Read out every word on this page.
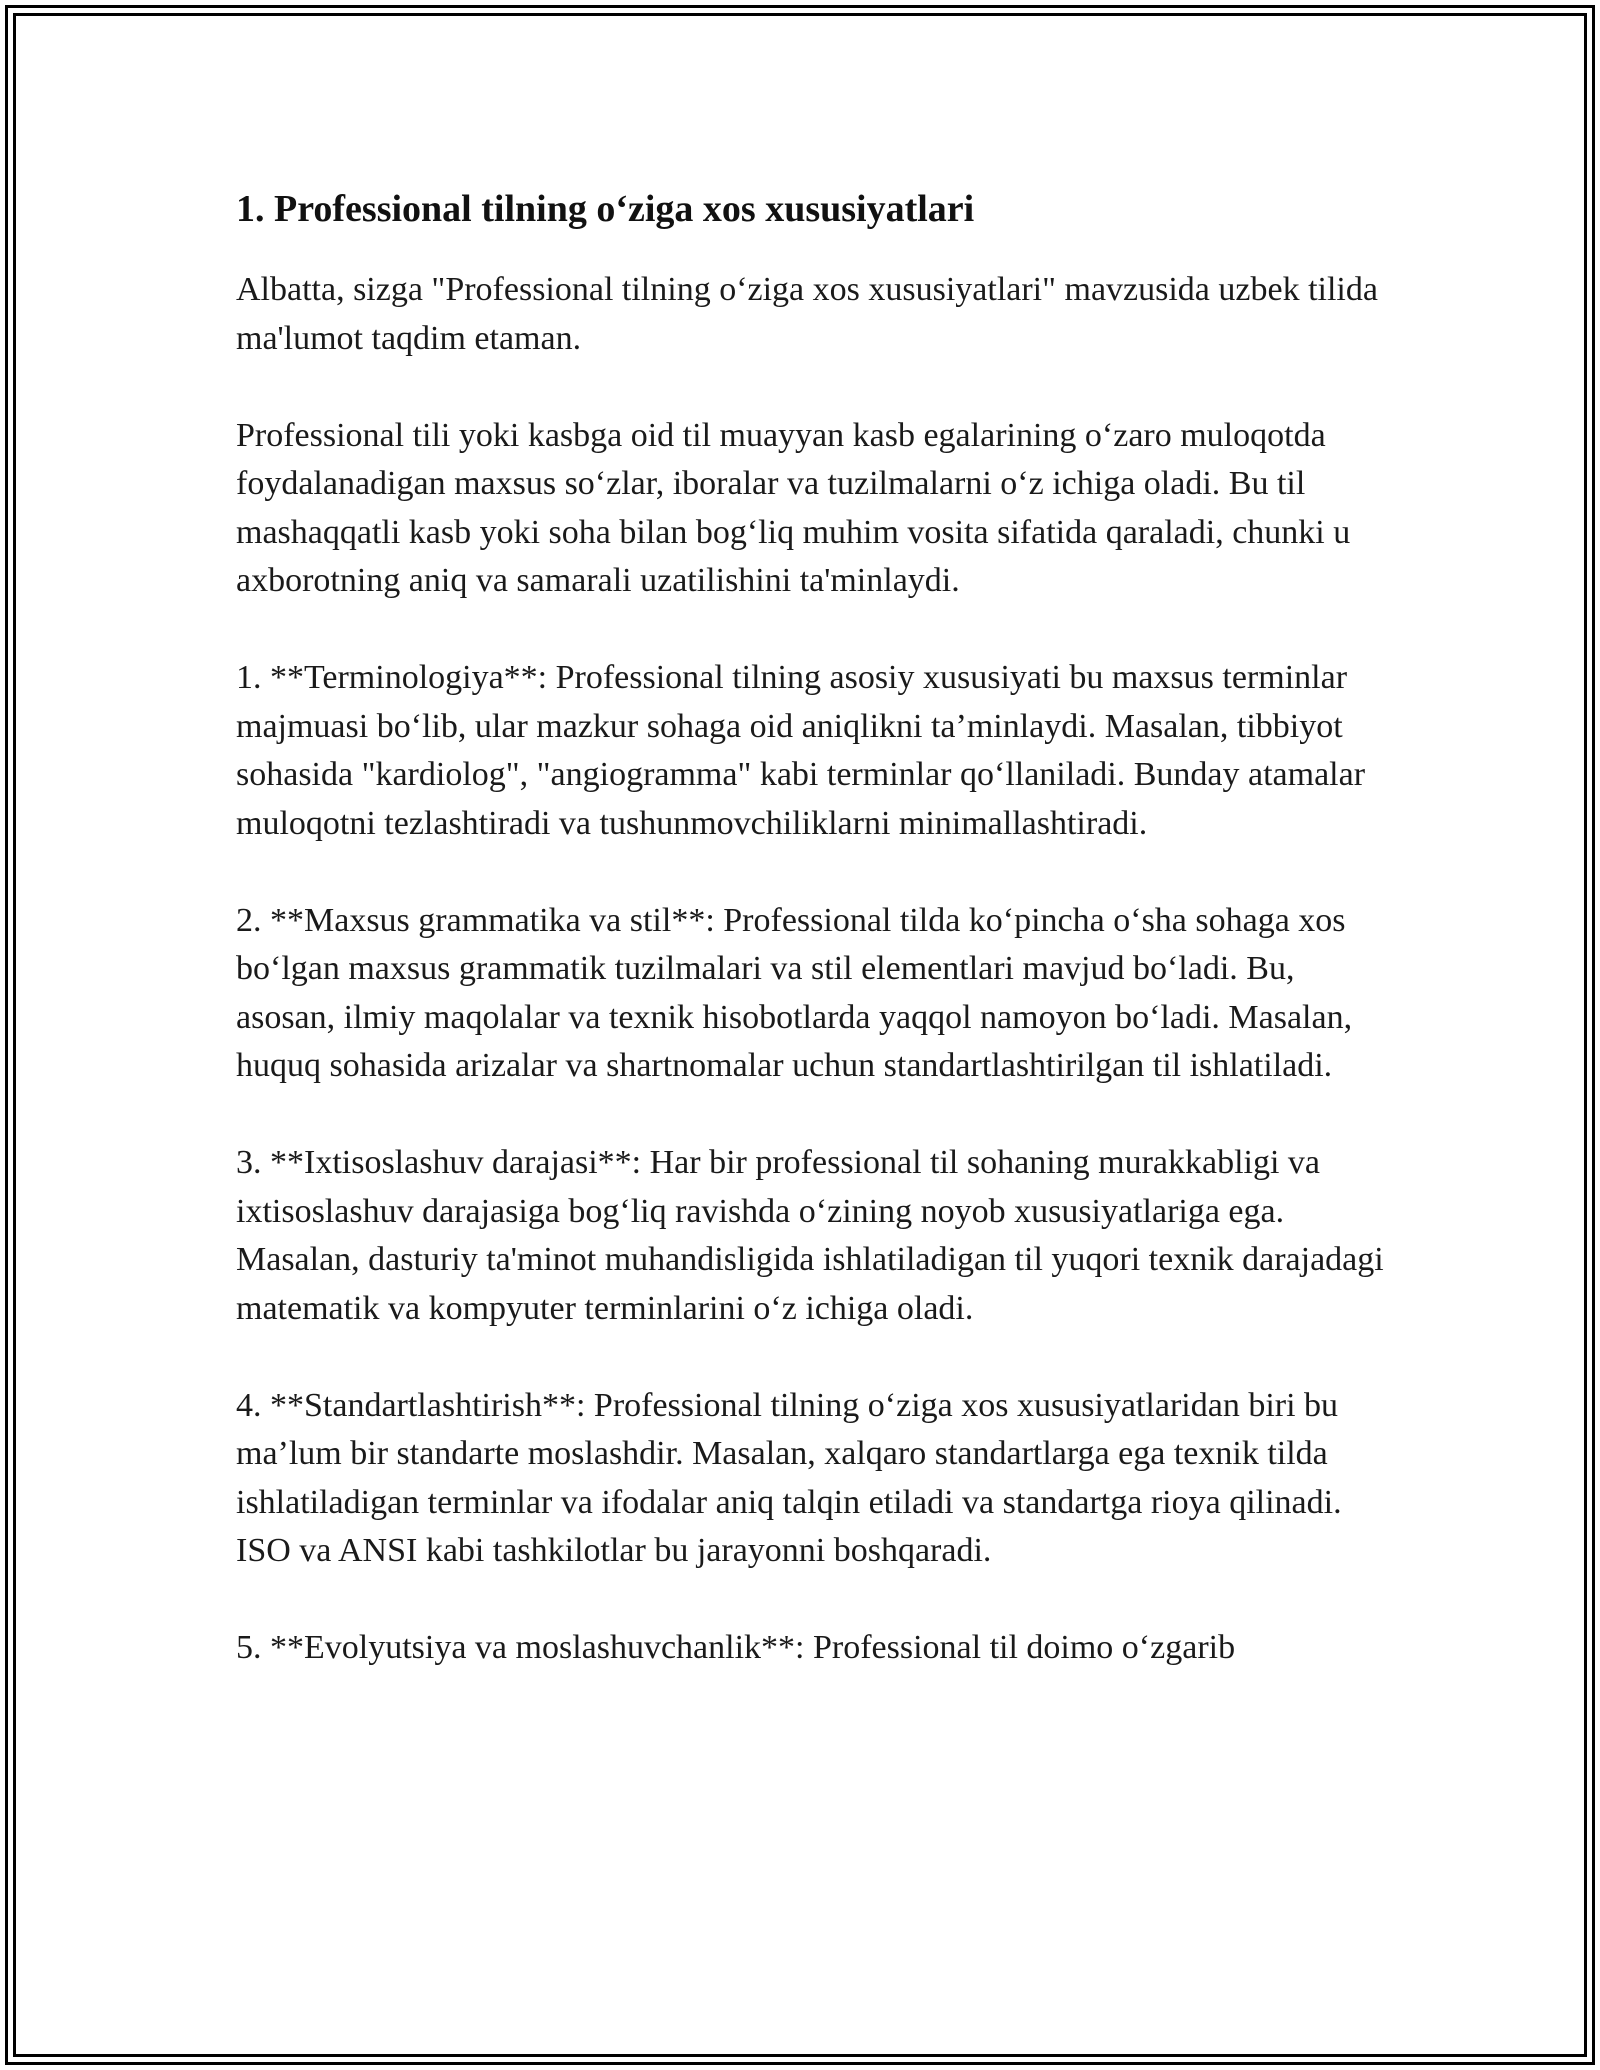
1. Professional tilning o‘ziga xos xususiyatlari

Albatta, sizga "Professional tilning o‘ziga xos xususiyatlari" mavzusida uzbek tilida ma'lumot taqdim etaman.

Professional tili yoki kasbga oid til muayyan kasb egalarining o‘zaro muloqotda foydalanadigan maxsus so‘zlar, iboralar va tuzilmalarni o‘z ichiga oladi. Bu til mashaqqatli kasb yoki soha bilan bog‘liq muhim vosita sifatida qaraladi, chunki u axborotning aniq va samarali uzatilishini ta'minlaydi.

1. **Terminologiya**: Professional tilning asosiy xususiyati bu maxsus terminlar majmuasi bo‘lib, ular mazkur sohaga oid aniqlikni ta’minlaydi. Masalan, tibbiyot sohasida "kardiolog", "angiogramma" kabi terminlar qo‘llaniladi. Bunday atamalar muloqotni tezlashtiradi va tushunmovchiliklarni minimallashtiradi.

2. **Maxsus grammatika va stil**: Professional tilda ko‘pincha o‘sha sohaga xos bo‘lgan maxsus grammatik tuzilmalari va stil elementlari mavjud bo‘ladi. Bu, asosan, ilmiy maqolalar va texnik hisobotlarda yaqqol namoyon bo‘ladi. Masalan, huquq sohasida arizalar va shartnomalar uchun standartlashtirilgan til ishlatiladi.

3. **Ixtisoslashuv darajasi**: Har bir professional til sohaning murakkabligi va ixtisoslashuv darajasiga bog‘liq ravishda o‘zining noyob xususiyatlariga ega. Masalan, dasturiy ta'minot muhandisligida ishlatiladigan til yuqori texnik darajadagi matematik va kompyuter terminlarini o‘z ichiga oladi.

4. **Standartlashtirish**: Professional tilning o‘ziga xos xususiyatlaridan biri bu ma’lum bir standarte moslashdir. Masalan, xalqaro standartlarga ega texnik tilda ishlatiladigan terminlar va ifodalar aniq talqin etiladi va standartga rioya qilinadi. ISO va ANSI kabi tashkilotlar bu jarayonni boshqaradi.

5. **Evolyutsiya va moslashuvchanlik**: Professional til doimo o‘zgarib
